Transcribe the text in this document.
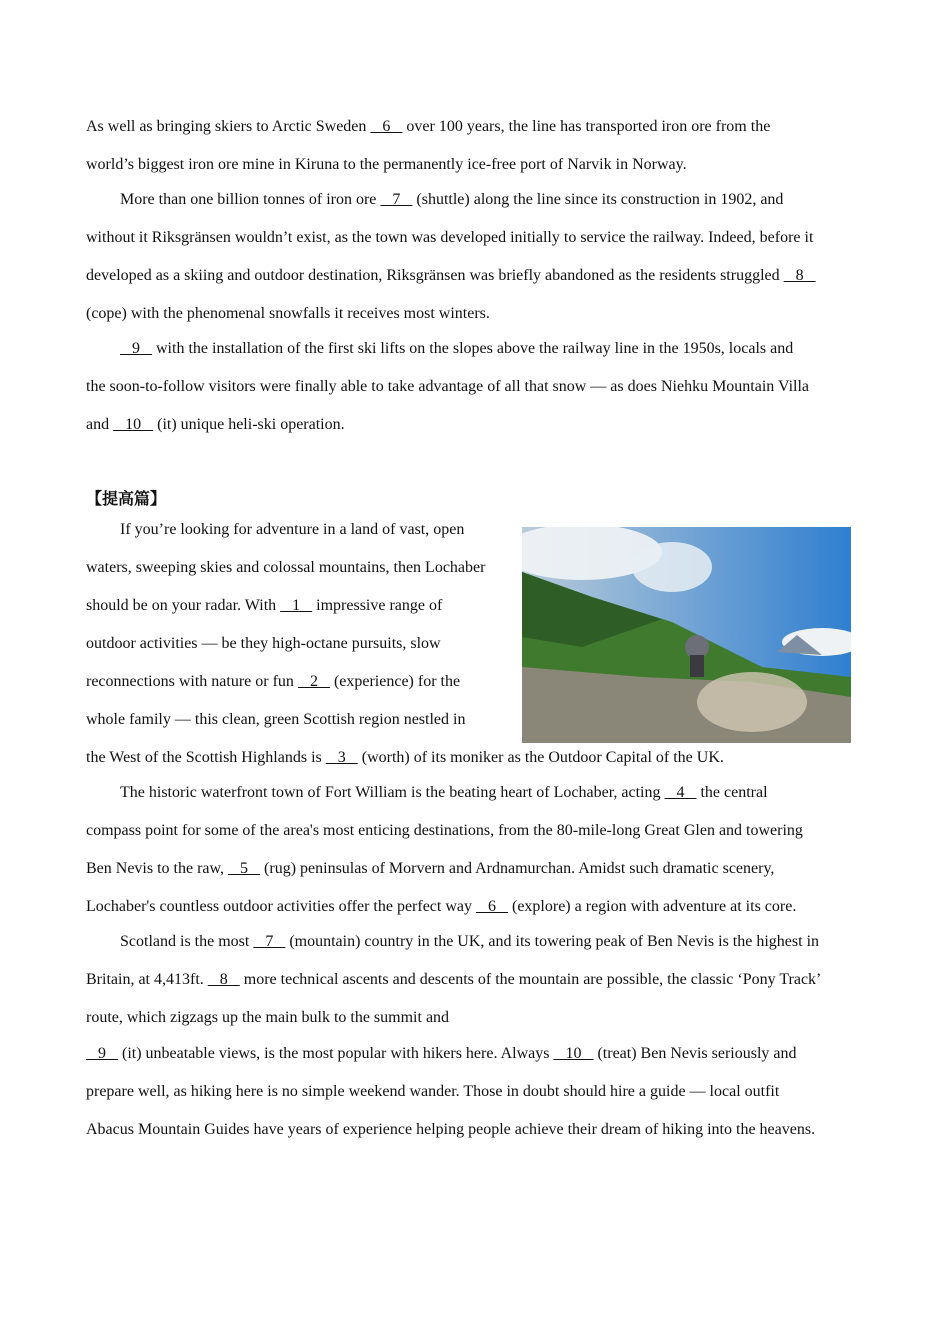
【提高篇】
As well as bringing skiers to Arctic Sweden    6    over 100 years, the line has transported iron ore from the
world’s biggest iron ore mine in Kiruna to the permanently ice-free port of Narvik in Norway.
More than one billion tonnes of iron ore    7    (shuttle) along the line since its construction in 1902, and
without it Riksgränsen wouldn’t exist, as the town was developed initially to service the railway. Indeed, before it
developed as a skiing and outdoor destination, Riksgränsen was briefly abandoned as the residents struggled    8
(cope) with the phenomenal snowfalls it receives most winters.
9    with the installation of the first ski lifts on the slopes above the railway line in the 1950s, locals and
the soon-to-follow visitors were finally able to take advantage of all that snow — as does Niehku Mountain Villa
and    10    (it) unique heli-ski operation.
If you’re looking for adventure in a land of vast, open
waters, sweeping skies and colossal mountains, then Lochaber
should be on your radar. With    1    impressive range of
outdoor activities — be they high-octane pursuits, slow
reconnections with nature or fun    2    (experience) for the
whole family — this clean, green Scottish region nestled in
the West of the Scottish Highlands is    3    (worth) of its moniker as the Outdoor Capital of the UK.
The historic waterfront town of Fort William is the beating heart of Lochaber, acting    4    the central
compass point for some of the area's most enticing destinations, from the 80-mile-long Great Glen and towering
Ben Nevis to the raw,    5    (rug) peninsulas of Morvern and Ardnamurchan. Amidst such dramatic scenery,
Lochaber's countless outdoor activities offer the perfect way    6    (explore) a region with adventure at its core.
Scotland is the most    7    (mountain) country in the UK, and its towering peak of Ben Nevis is the highest in
Britain, at 4,413ft.    8    more technical ascents and descents of the mountain are possible, the classic ‘Pony Track’
route, which zigzags up the main bulk to the summit and
9    (it) unbeatable views, is the most popular with hikers here. Always    10    (treat) Ben Nevis seriously and
prepare well, as hiking here is no simple weekend wander. Those in doubt should hire a guide — local outfit
Abacus Mountain Guides have years of experience helping people achieve their dream of hiking into the heavens.
